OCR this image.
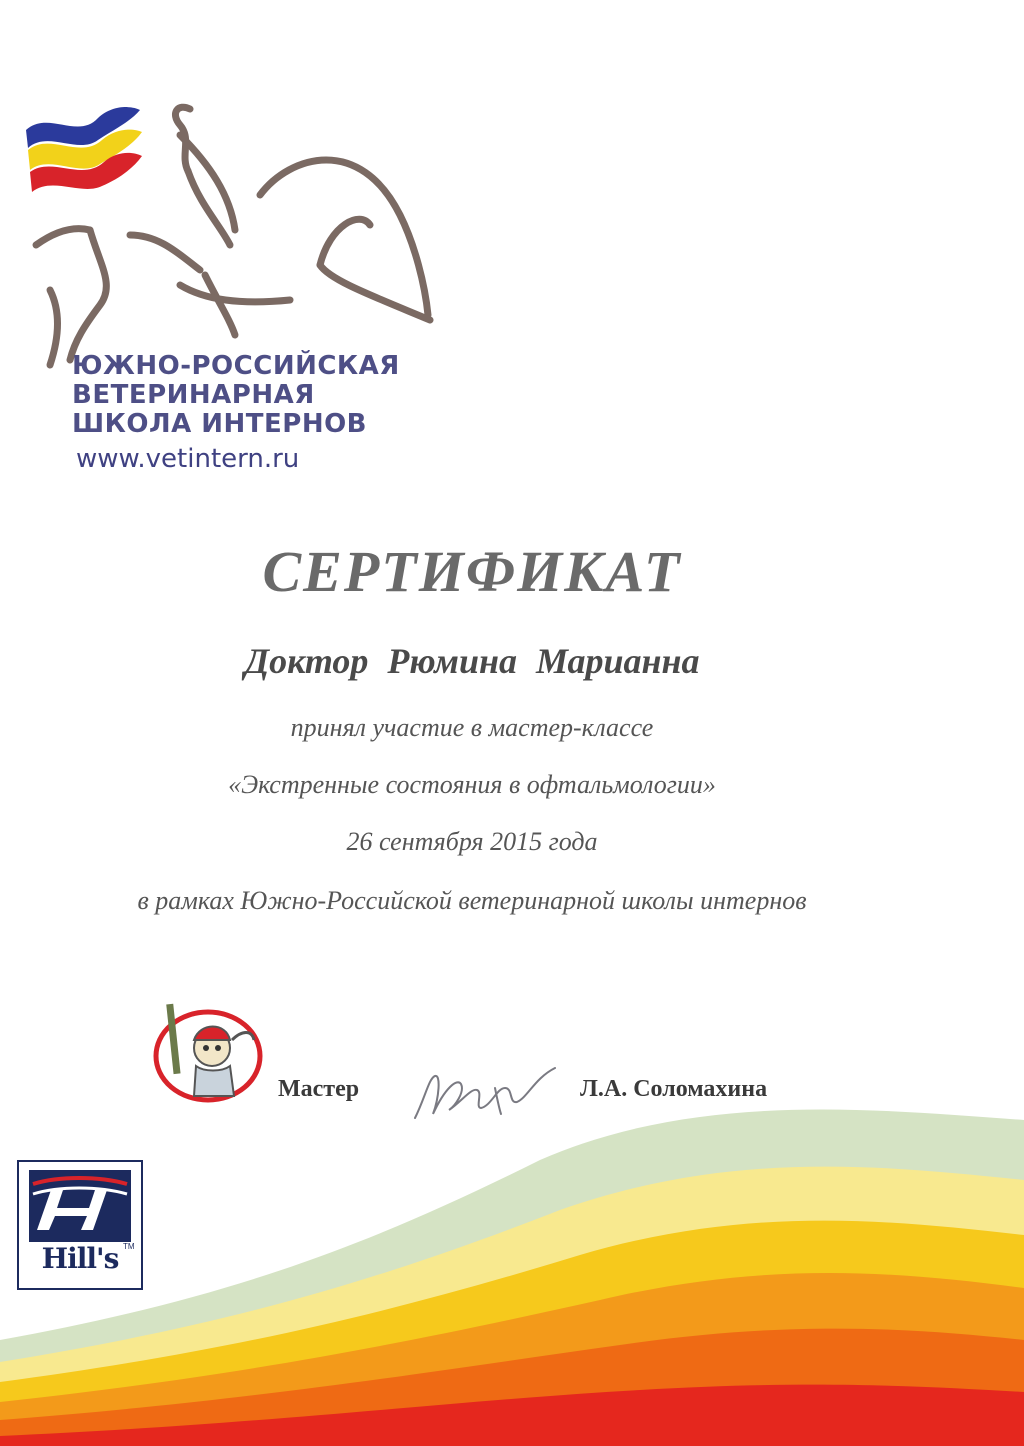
ЮЖНО-РОССИЙСКАЯ
ВЕТЕРИНАРНАЯ
ШКОЛА ИНТЕРНОВ
www.vetintern.ru
СЕРТИФИКАТ
Доктор Рюмина Марианна
принял участие в мастер-классе
«Экстренные состояния в офтальмологии»
26 сентября 2015 года
в рамках Южно-Российской ветеринарной школы интернов
Мастер	Л.А. Соломахина
Hill's TM
